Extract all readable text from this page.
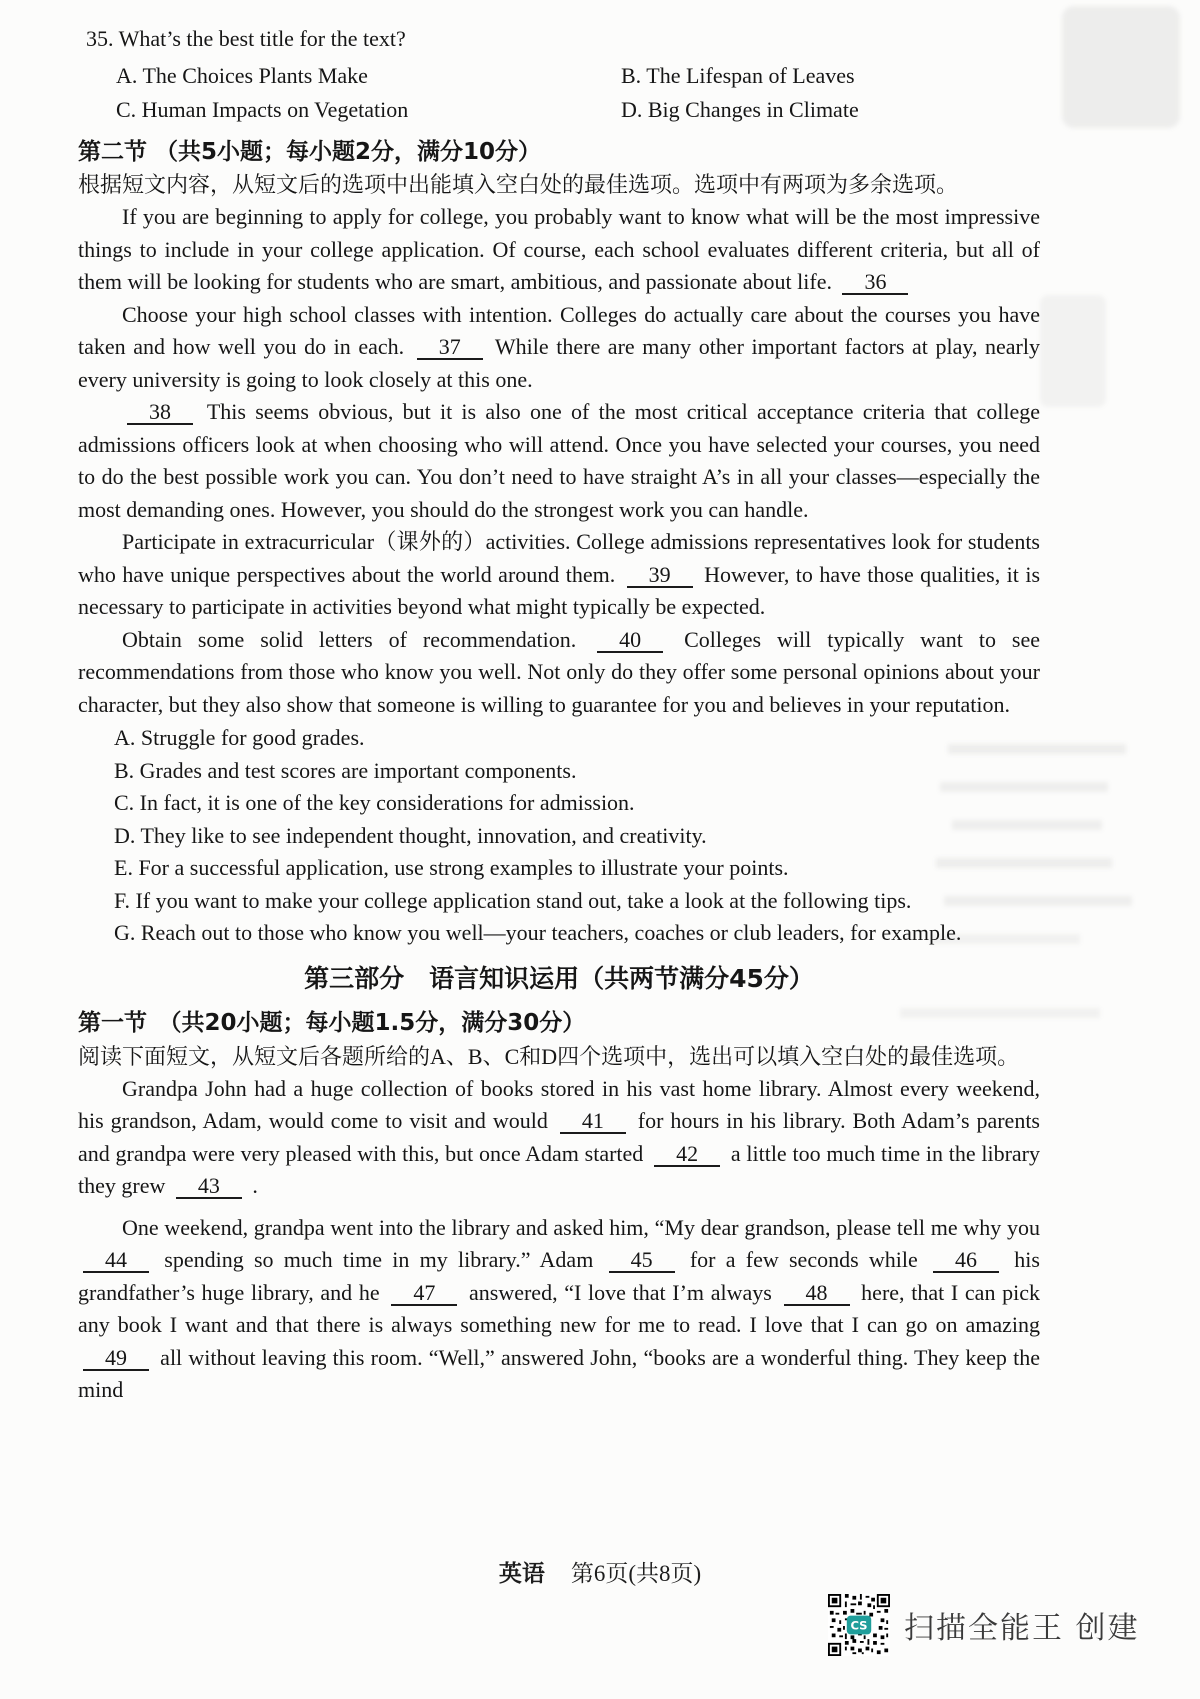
35. What’s the best title for the text?
A. The Choices Plants Make	B. The Lifespan of Leaves
C. Human Impacts on Vegetation	D. Big Changes in Climate
第二节 （共5小题；每小题2分，满分10分）
根据短文内容，从短文后的选项中出能填入空白处的最佳选项。选项中有两项为多余选项。

If you are beginning to apply for college, you probably want to know what will be the most impressive things to include in your college application. Of course, each school evaluates different criteria, but all of them will be looking for students who are smart, ambitious, and passionate about life. 36

Choose your high school classes with intention. Colleges do actually care about the courses you have taken and how well you do in each. 37 While there are many other important factors at play, nearly every university is going to look closely at this one.

38 This seems obvious, but it is also one of the most critical acceptance criteria that college admissions officers look at when choosing who will attend. Once you have selected your courses, you need to do the best possible work you can. You don’t need to have straight A’s in all your classes—especially the most demanding ones. However, you should do the strongest work you can handle.

Participate in extracurricular（课外的）activities. College admissions representatives look for students who have unique perspectives about the world around them. 39 However, to have those qualities, it is necessary to participate in activities beyond what might typically be expected.

Obtain some solid letters of recommendation. 40 Colleges will typically want to see recommendations from those who know you well. Not only do they offer some personal opinions about your character, but they also show that someone is willing to guarantee for you and believes in your reputation.

A. Struggle for good grades.
B. Grades and test scores are important components.
C. In fact, it is one of the key considerations for admission.
D. They like to see independent thought, innovation, and creativity.
E. For a successful application, use strong examples to illustrate your points.
F. If you want to make your college application stand out, take a look at the following tips.
G. Reach out to those who know you well—your teachers, coaches or club leaders, for example.
第三部分　语言知识运用（共两节满分45分）
第一节　（共20小题；每小题1.5分，满分30分）
阅读下面短文，从短文后各题所给的A、B、C和D四个选项中，选出可以填入空白处的最佳选项。

Grandpa John had a huge collection of books stored in his vast home library. Almost every weekend, his grandson, Adam, would come to visit and would 41 for hours in his library. Both Adam’s parents and grandpa were very pleased with this, but once Adam started 42 a little too much time in the library they grew 43 .

One weekend, grandpa went into the library and asked him, “My dear grandson, please tell me why you 44 spending so much time in my library.” Adam 45 for a few seconds while 46 his grandfather’s huge library, and he 47 answered, “I love that I’m always 48 here, that I can pick any book I want and that there is always something new for me to read. I love that I can go on amazing 49 all without leaving this room. “Well,” answered John, “books are a wonderful thing. They keep the mind

英语 第6页(共8页)
CS 扫描全能王 创建
